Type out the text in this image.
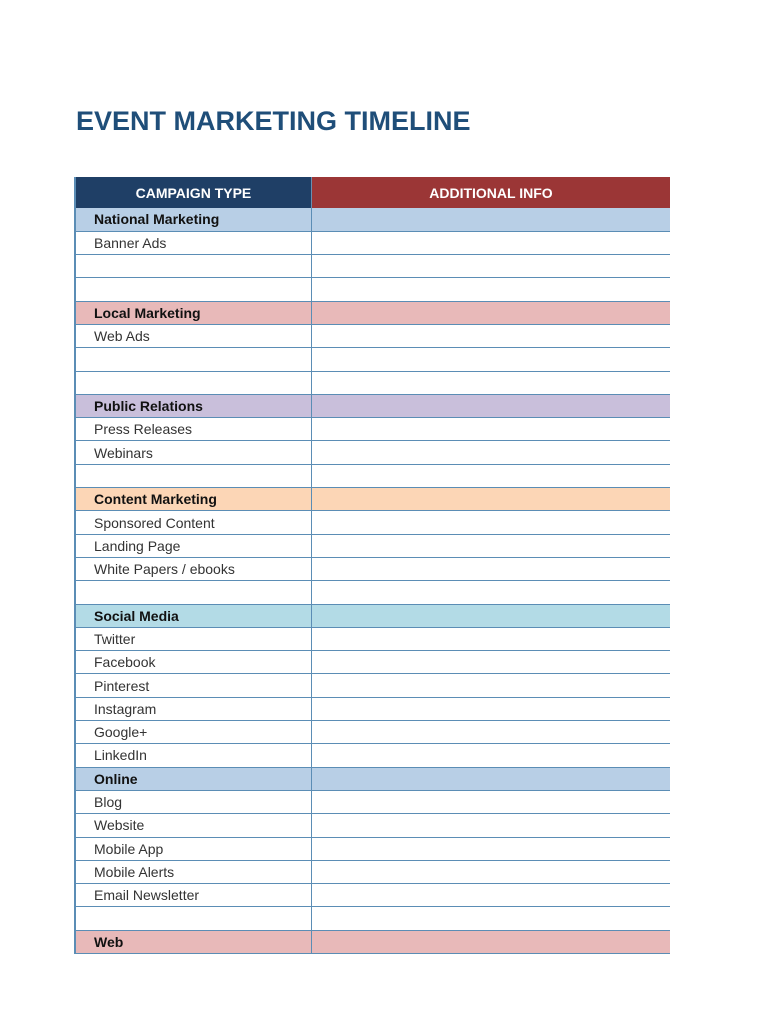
EVENT MARKETING TIMELINE
CAMPAIGN TYPE	ADDITIONAL INFO
National Marketing	
Banner Ads	

Local Marketing	
Web Ads	

Public Relations	
Press Releases	
Webinars	

Content Marketing	
Sponsored Content	
Landing Page	
White Papers / ebooks	

Social Media	
Twitter	
Facebook	
Pinterest	
Instagram	
Google+	
LinkedIn	
Online	
Blog	
Website	
Mobile App	
Mobile Alerts	
Email Newsletter	

Web	
